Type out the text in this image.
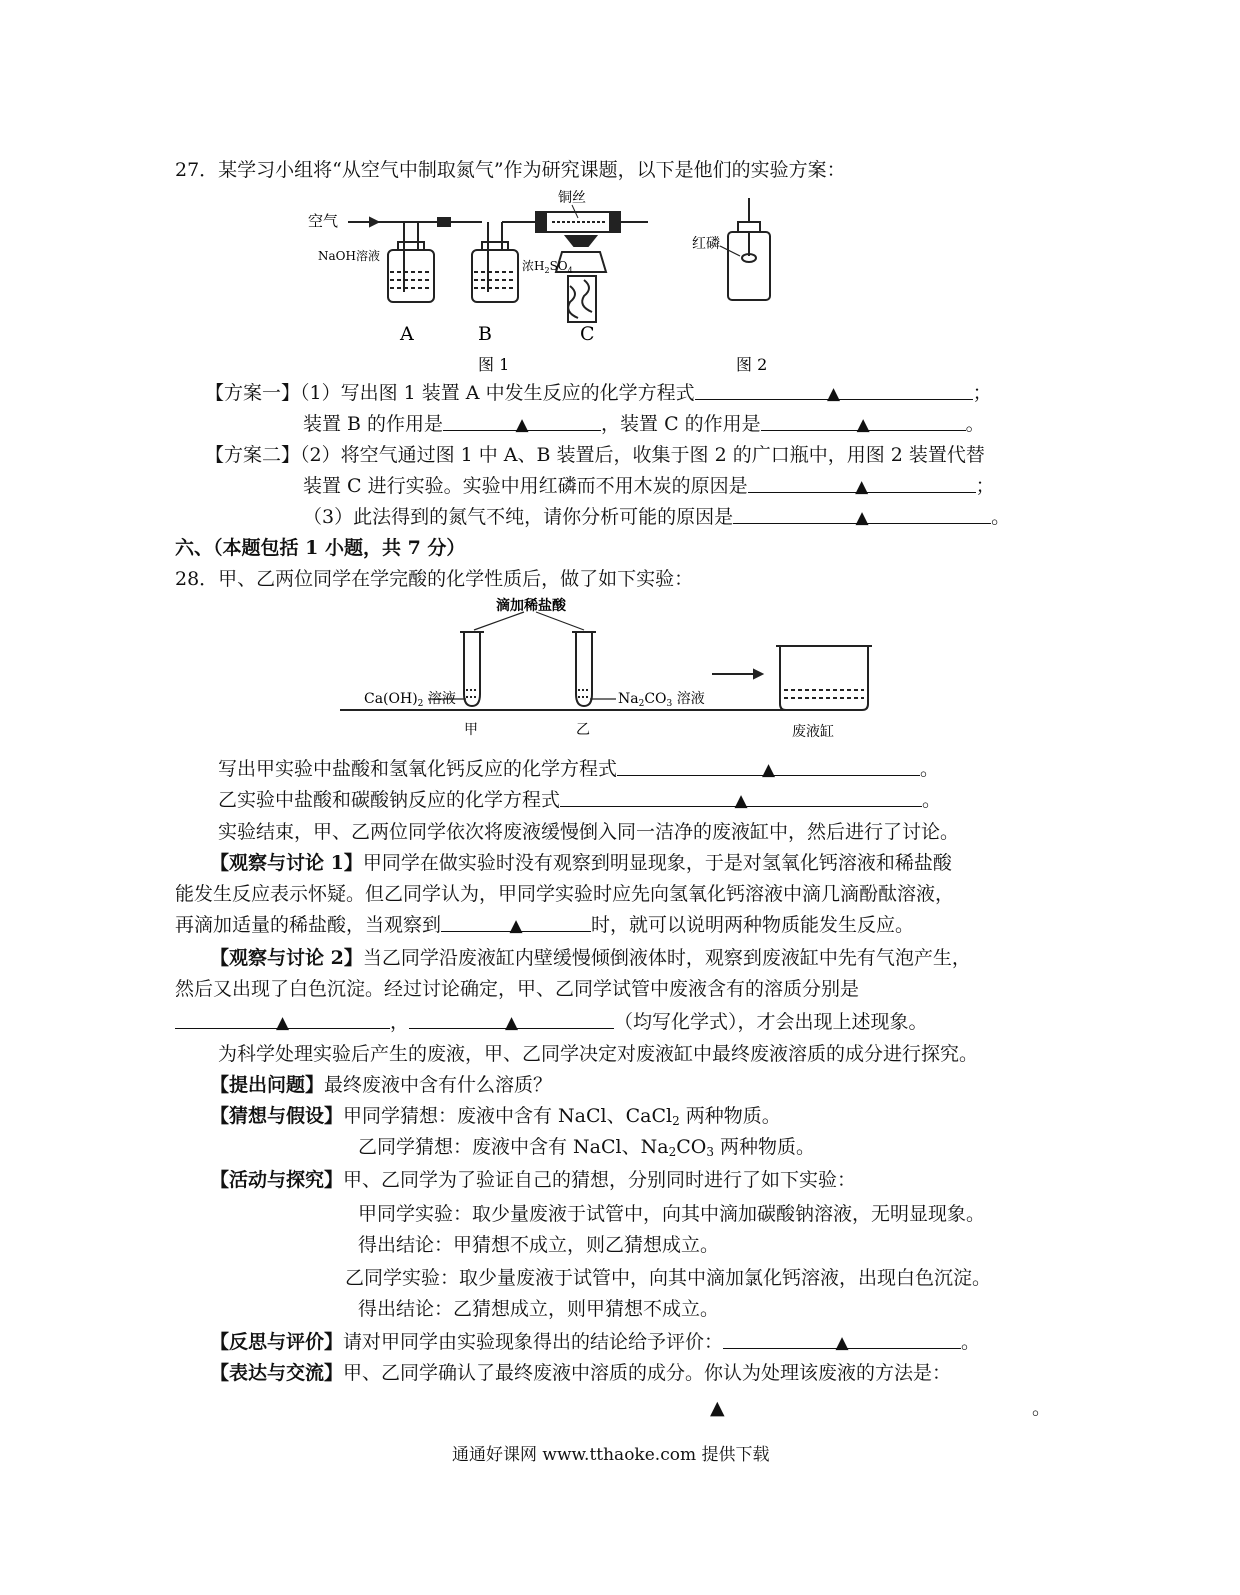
27．某学习小组将“从空气中制取氮气”作为研究课题，以下是他们的实验方案：
空气
NaOH溶液
浓$H_2SO_4$
铜丝
红磷
A	B	C
图 1	图 2
【方案一】（1）写出图 1 装置 A 中发生反应的化学方程式	▲	；
装置 B 的作用是	▲	，装置 C 的作用是	▲	。
【方案二】（2）将空气通过图 1 中 A、B 装置后，收集于图 2 的广口瓶中，用图 2 装置代替
装置 C 进行实验。实验中用红磷而不用木炭的原因是	▲	；
（3）此法得到的氮气不纯，请你分析可能的原因是	▲	。
六、（本题包括 1 小题，共 7 分）
28．甲、乙两位同学在学完酸的化学性质后，做了如下实验：
滴加稀盐酸
$Ca(OH)_2$ 溶液	$Na_2CO_3$ 溶液
甲	乙	废液缸
写出甲实验中盐酸和氢氧化钙反应的化学方程式	▲	。
乙实验中盐酸和碳酸钠反应的化学方程式	▲	。
实验结束，甲、乙两位同学依次将废液缓慢倒入同一洁净的废液缸中，然后进行了讨论。
【观察与讨论 1】甲同学在做实验时没有观察到明显现象，于是对氢氧化钙溶液和稀盐酸
能发生反应表示怀疑。但乙同学认为，甲同学实验时应先向氢氧化钙溶液中滴几滴酚酞溶液，
再滴加适量的稀盐酸，当观察到	▲	时，就可以说明两种物质能发生反应。
【观察与讨论 2】当乙同学沿废液缸内壁缓慢倾倒液体时，观察到废液缸中先有气泡产生，
然后又出现了白色沉淀。经过讨论确定，甲、乙同学试管中废液含有的溶质分别是
▲	，	▲	（均写化学式），才会出现上述现象。
为科学处理实验后产生的废液，甲、乙同学决定对废液缸中最终废液溶质的成分进行探究。
【提出问题】最终废液中含有什么溶质？
【猜想与假设】甲同学猜想：废液中含有 NaCl、CaCl$_2$ 两种物质。
乙同学猜想：废液中含有 NaCl、$Na_2CO_3$ 两种物质。
【活动与探究】甲、乙同学为了验证自己的猜想，分别同时进行了如下实验：
甲同学实验：取少量废液于试管中，向其中滴加碳酸钠溶液，无明显现象。
得出结论：甲猜想不成立，则乙猜想成立。
乙同学实验：取少量废液于试管中，向其中滴加氯化钙溶液，出现白色沉淀。
得出结论：乙猜想成立，则甲猜想不成立。
【反思与评价】请对甲同学由实验现象得出的结论给予评价：	▲	。
【表达与交流】甲、乙同学确认了最终废液中溶质的成分。你认为处理该废液的方法是：
▲	。
通通好课网 www.tthaoke.com 提供下载
